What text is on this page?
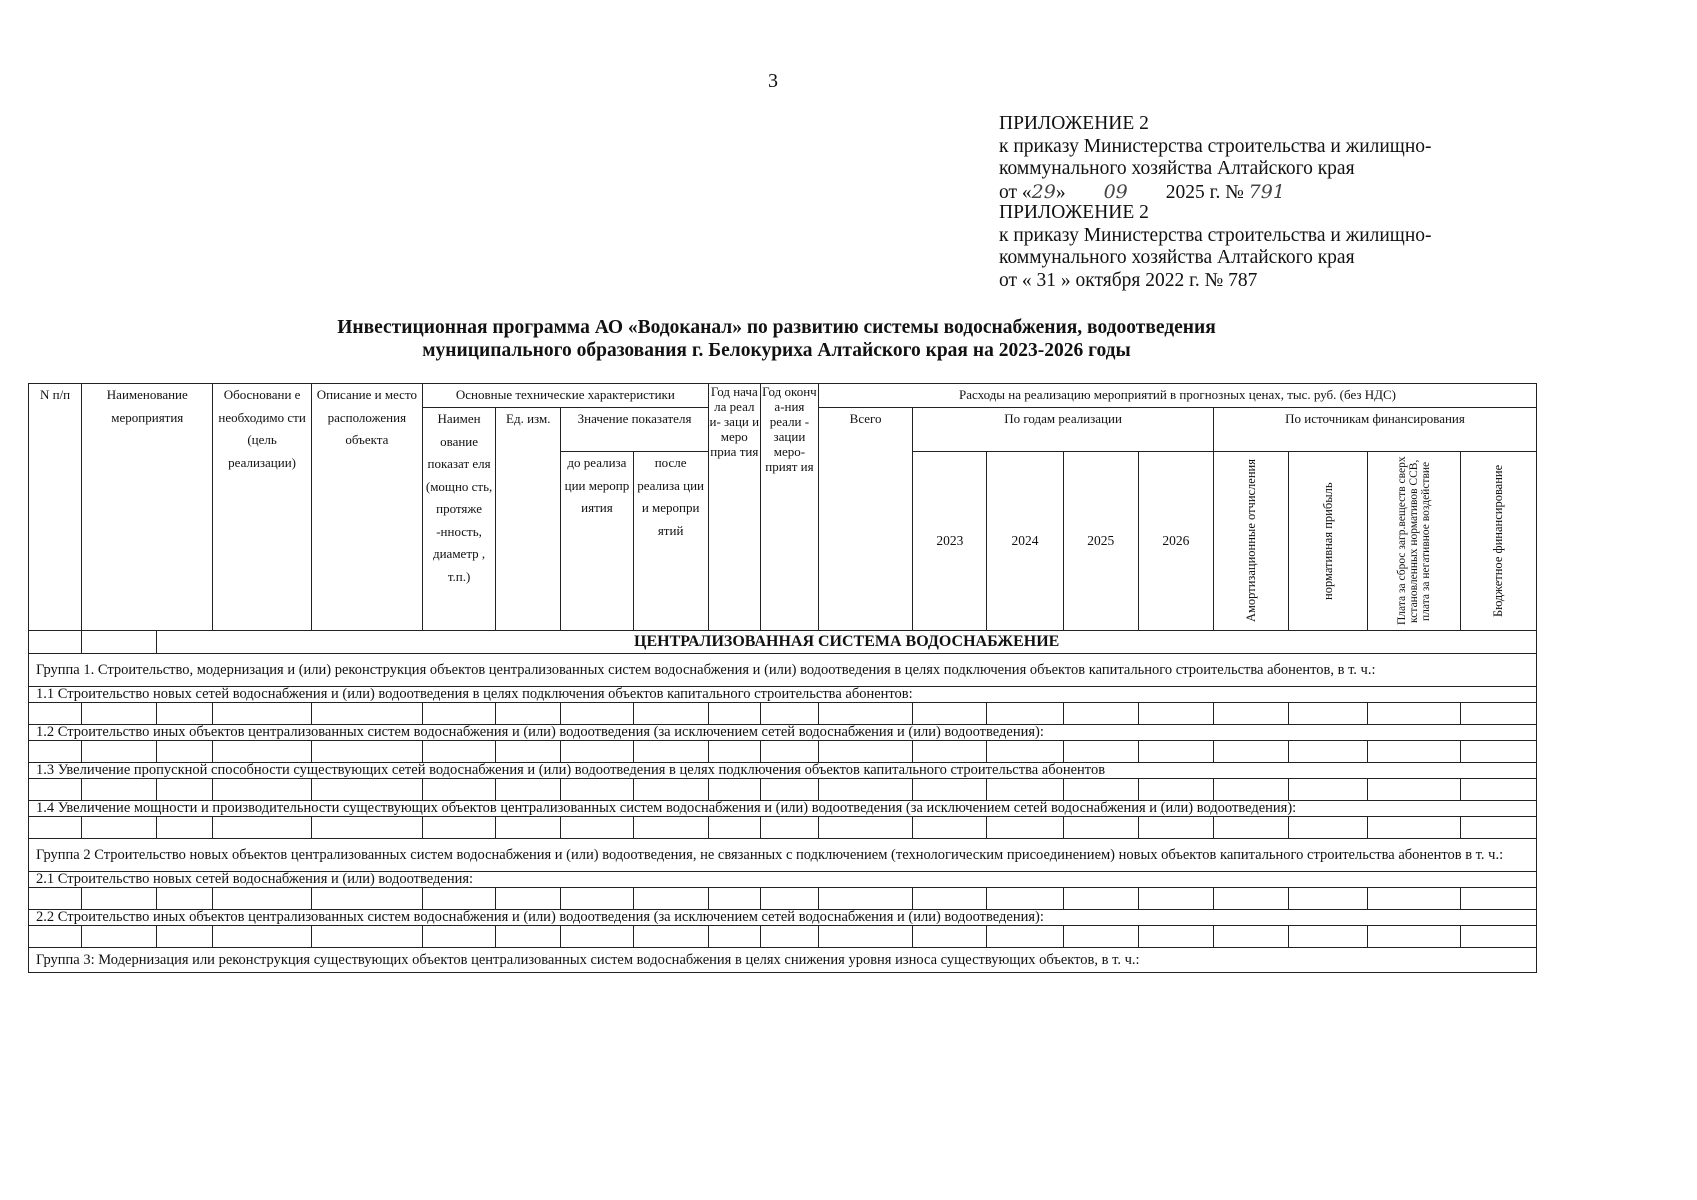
3
ПРИЛОЖЕНИЕ 2
к приказу Министерства строительства и жилищно-
коммунального хозяйства Алтайского края
от «29» 09 2025 г. № 791
ПРИЛОЖЕНИЕ 2
к приказу Министерства строительства и жилищно-
коммунального хозяйства Алтайского края
от « 31 » октября 2022 г. № 787
Инвестиционная программа АО «Водоканал» по развитию системы водоснабжения, водоотведения
муниципального образования г. Белокуриха Алтайского края на 2023-2026 годы
N п/п	Наименование мероприятия		Обосновани е необходимо сти (цель реализации)	Описание и место расположения объекта	Основные технические характеристики				Год нача ла реал и- заци и меро приа тия	Год оконч а-ния реали - зации меро- прият ия	Расходы на реализацию мероприятий в прогнозных ценах, тыс. руб. (без НДС)								
					Наимен ование показат еля (мощно сть, протяже -нность, диаметр , т.п.)	Ед. изм.	Значение показателя				Всего	По годам реализации				По источникам финансирования			
							до реализа ции меропр иятия	после реализа ции и меропри ятий				2023	2024	2025	2026	Амортизационные отчисления	нормативная прибыль	Плата за сброс загр.веществ сверх кстановленных нормативов ССВ, плата за негативное воздействие	Бюджетное финансирование

		ЦЕНТРАЛИЗОВАННАЯ СИСТЕМА ВОДОСНАБЖЕНИЕ																	
Группа 1. Строительство, модернизация и (или) реконструкция объектов централизованных систем водоснабжения и (или) водоотведения в целях подключения объектов капитального строительства абонентов, в т. ч.:																			
1.1 Строительство новых сетей водоснабжения и (или) водоотведения в целях подключения объектов капитального строительства абонентов:																			

1.2 Строительство иных объектов централизованных систем водоснабжения и (или) водоотведения (за исключением сетей водоснабжения и (или) водоотведения):																			

1.3 Увеличение пропускной способности существующих сетей водоснабжения и (или) водоотведения в целях подключения объектов капитального строительства абонентов																			

1.4 Увеличение мощности и производительности существующих объектов централизованных систем водоснабжения и (или) водоотведения (за исключением сетей водоснабжения и (или) водоотведения):																			

Группа 2 Строительство новых объектов централизованных систем водоснабжения и (или) водоотведения, не связанных с подключением (технологическим присоединением) новых объектов капитального строительства абонентов в т. ч.:																			
2.1 Строительство новых сетей водоснабжения и (или) водоотведения:																			

2.2 Строительство иных объектов централизованных систем водоснабжения и (или) водоотведения (за исключением сетей водоснабжения и (или) водоотведения):																			

Группа 3: Модернизация или реконструкция существующих объектов централизованных систем водоснабжения в целях снижения уровня износа существующих объектов, в т. ч.:																			
